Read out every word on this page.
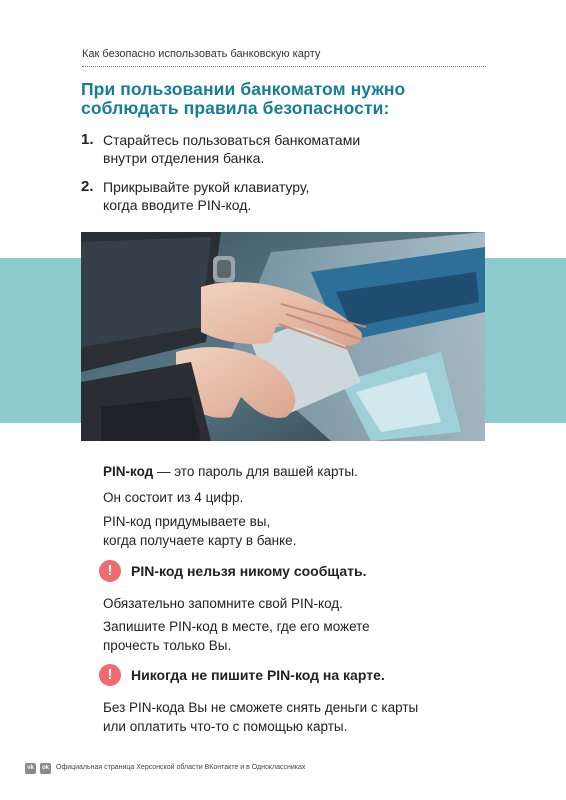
Как безопасно использовать банковскую карту
При пользовании банкоматом нужно
соблюдать правила безопасности:
1. Старайтесь пользоваться банкоматами
внутри отделения банка.
2. Прикрывайте рукой клавиатуру,
когда вводите PIN-код.
PIN-код — это пароль для вашей карты.
Он состоит из 4 цифр.
PIN-код придумываете вы,
когда получаете карту в банке.
!	PIN-код нельзя никому сообщать.
Обязательно запомните свой PIN-код.
Запишите PIN-код в месте, где его можете
прочесть только Вы.
!	Никогда не пишите PIN-код на карте.
Без PIN-кода Вы не сможете снять деньги с карты
или оплатить что-то с помощью карты.
vk	ok Официальная страница Херсонской области ВКонтакте и в Одноклассниках
